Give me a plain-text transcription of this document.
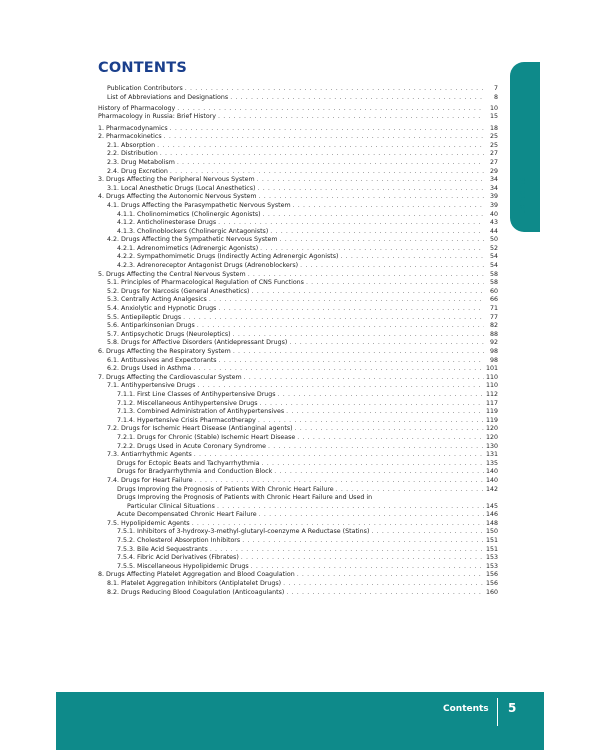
CONTENTS
Publication Contributors . . .	7
List of Abbreviations and Designations . . .	8
History of Pharmacology . . .	10
Pharmacology in Russia: Brief History . . .	15
1. Pharmacodynamics . . .	18
2. Pharmacokinetics . . .	25
2.1. Absorption . . .	25
2.2. Distribution . . .	27
2.3. Drug Metabolism . . .	27
2.4. Drug Excretion . . .	29
3. Drugs Affecting the Peripheral Nervous System . . .	34
3.1. Local Anesthetic Drugs (Local Anesthetics) . . .	34
4. Drugs Affecting the Autonomic Nervous System . . .	39
4.1. Drugs Affecting the Parasympathetic Nervous System . . .	39
4.1.1. Cholinomimetics (Cholinergic Agonists) . . .	40
4.1.2. Anticholinesterase Drugs . . .	43
4.1.3. Cholinoblockers (Cholinergic Antagonists) . . .	44
4.2. Drugs Affecting the Sympathetic Nervous System . . .	50
4.2.1. Adrenomimetics (Adrenergic Agonists) . . .	52
4.2.2. Sympathomimetic Drugs (Indirectly Acting Adrenergic Agonists) . . .	54
4.2.3. Adrenoreceptor Antagonist Drugs (Adrenoblockers) . . .	54
5. Drugs Affecting the Central Nervous System . . .	58
5.1. Principles of Pharmacological Regulation of CNS Functions . . .	58
5.2. Drugs for Narcosis (General Anesthetics) . . .	60
5.3. Centrally Acting Analgesics . . .	66
5.4. Anxiolytic and Hypnotic Drugs . . .	71
5.5. Antiepileptic Drugs . . .	77
5.6. Antiparkinsonian Drugs . . .	82
5.7. Antipsychotic Drugs (Neuroleptics) . . .	88
5.8. Drugs for Affective Disorders (Antidepressant Drugs) . . .	92
6. Drugs Affecting the Respiratory System . . .	98
6.1. Antitussives and Expectorants . . .	98
6.2. Drugs Used in Asthma . . .	101
7. Drugs Affecting the Cardiovascular System . . .	110
7.1. Antihypertensive Drugs . . .	110
7.1.1. First Line Classes of Antihypertensive Drugs . . .	112
7.1.2. Miscellaneous Antihypertensive Drugs . . .	117
7.1.3. Combined Administration of Antihypertensives . . .	119
7.1.4. Hypertensive Crisis Pharmacotherapy . . .	119
7.2. Drugs for Ischemic Heart Disease (Antianginal agents) . . .	120
7.2.1. Drugs for Chronic (Stable) Ischemic Heart Disease . . .	120
7.2.2. Drugs Used in Acute Coronary Syndrome . . .	130
7.3. Antiarrhythmic Agents . . .	131
Drugs for Ectopic Beats and Tachyarrhythmia . . .	135
Drugs for Bradyarrhythmia and Conduction Block . . .	140
7.4. Drugs for Heart Failure . . .	140
Drugs Improving the Prognosis of Patients With Chronic Heart Failure . . .	142
Drugs Improving the Prognosis of Patients with Chronic Heart Failure and Used in
Particular Clinical Situations . . .	145
Acute Decompensated Chronic Heart Failure . . .	146
7.5. Hypolipidemic Agents . . .	148
7.5.1. Inhibitors of 3-hydroxy-3-methyl-glutaryl-coenzyme A Reductase (Statins) . . .	150
7.5.2. Cholesterol Absorption Inhibitors . . .	151
7.5.3. Bile Acid Sequestrants . . .	151
7.5.4. Fibric Acid Derivatives (Fibrates) . . .	153
7.5.5. Miscellaneous Hypolipidemic Drugs . . .	153
8. Drugs Affecting Platelet Aggregation and Blood Coagulation . . .	156
8.1. Platelet Aggregation Inhibitors (Antiplatelet Drugs) . . .	156
8.2. Drugs Reducing Blood Coagulation (Anticoagulants) . . .	160
Contents
Contents 5
